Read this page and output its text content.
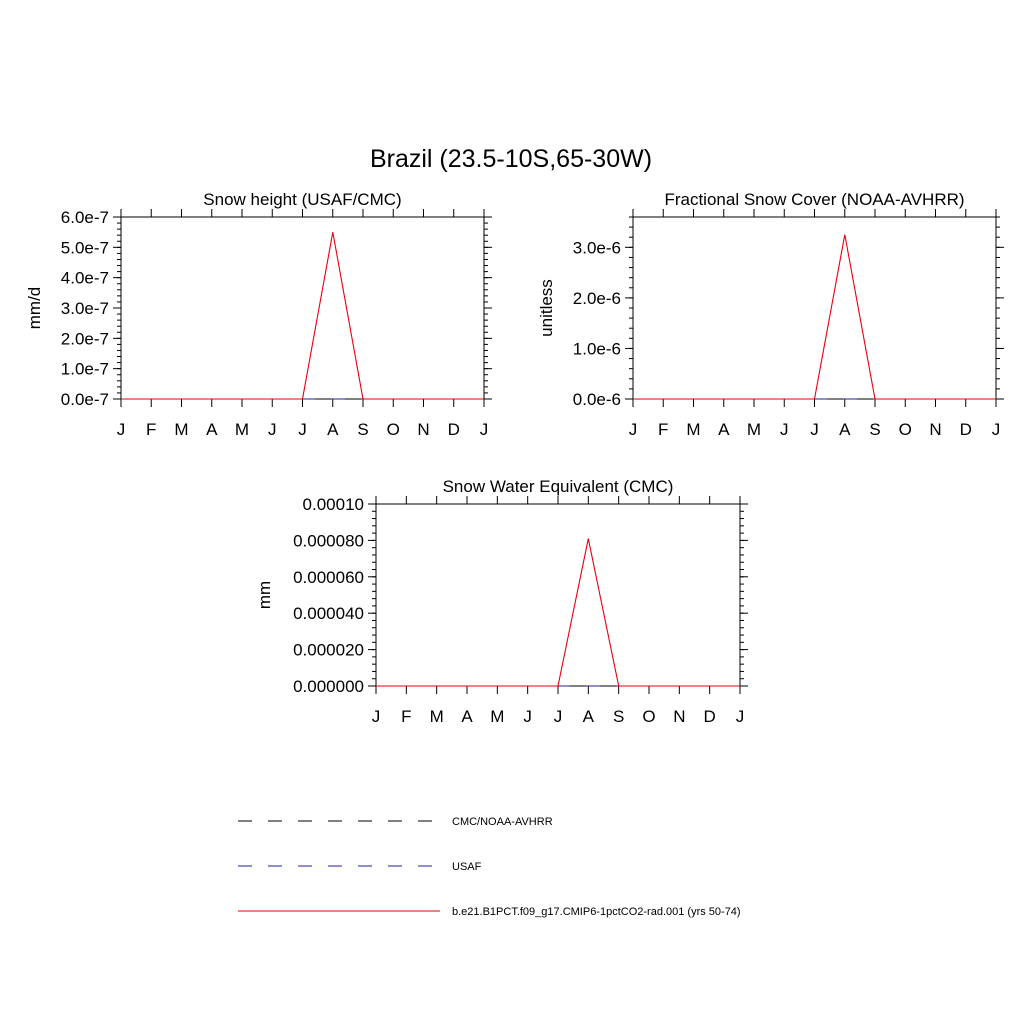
Brazil (23.5-10S,65-30W)
Snow height (USAF/CMC)
mm/d
J F M A M J J A S O N D J
0.0e-7
1.0e-7
2.0e-7
3.0e-7
4.0e-7
5.0e-7
6.0e-7
Fractional Snow Cover (NOAA-AVHRR)
unitless
J F M A M J J A S O N D J
0.0e-6
1.0e-6
2.0e-6
3.0e-6
Snow Water Equivalent (CMC)
mm
J F M A M J J A S O N D J
0.000000
0.000020
0.000040
0.000060
0.000080
0.00010
CMC/NOAA-AVHRR
USAF
b.e21.B1PCT.f09_g17.CMIP6-1pctCO2-rad.001 (yrs 50-74)
